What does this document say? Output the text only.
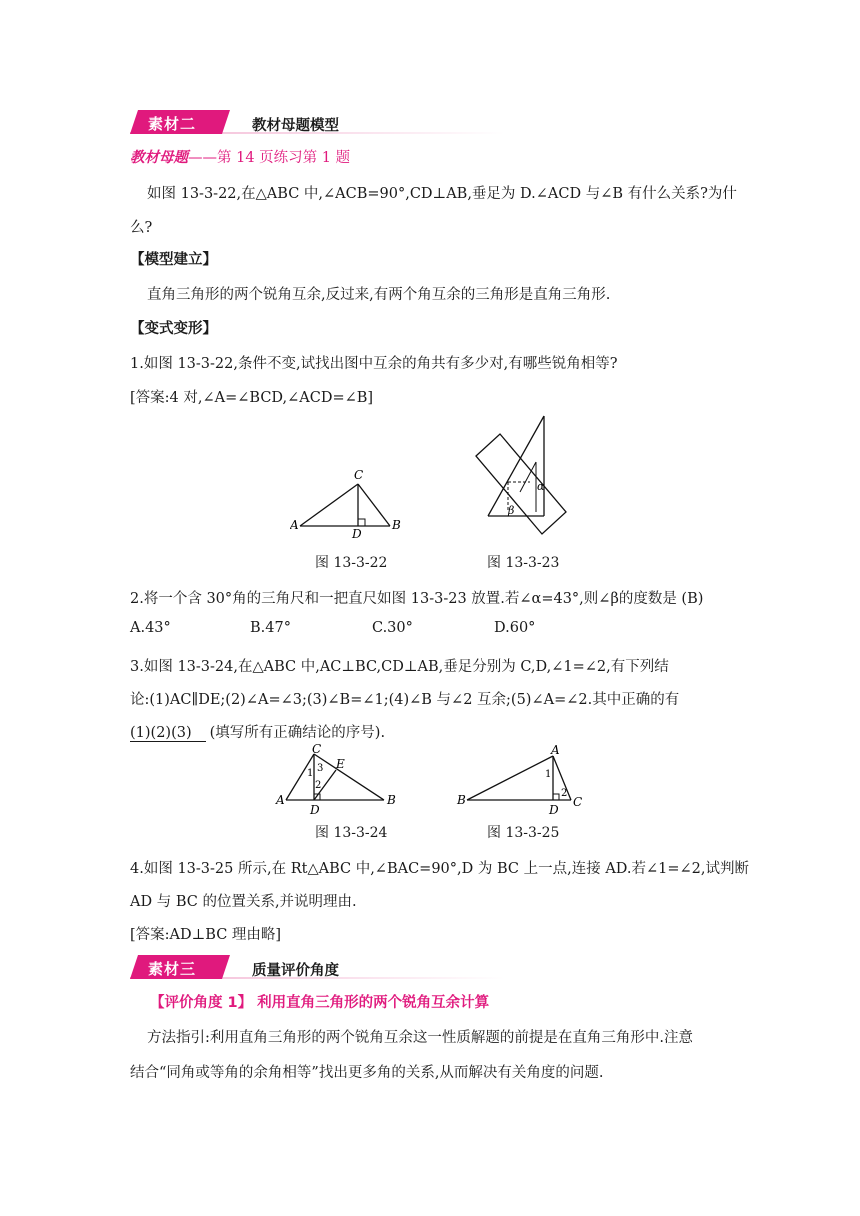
素材二	教材母题模型
教材母题——第 14 页练习第 1 题
如图 13-3-22,在△ABC 中,∠ACB=90°,CD⊥AB,垂足为 D.∠ACD 与∠B 有什么关系?为什
么?
【模型建立】
直角三角形的两个锐角互余,反过来,有两个角互余的三角形是直角三角形.
【变式变形】
1.如图 13-3-22,条件不变,试找出图中互余的角共有多少对,有哪些锐角相等?
[答案:4 对,∠A=∠BCD,∠ACD=∠B]
A	B
C
D
图 13-3-22
α
β
图 13-3-23
2.将一个含 30°角的三角尺和一把直尺如图 13-3-23 放置.若∠α=43°,则∠β的度数是 (B)
A.43°	B.47°	C.30°	D.60°
3.如图 13-3-24,在△ABC 中,AC⊥BC,CD⊥AB,垂足分别为 C,D,∠1=∠2,有下列结
论:(1)AC∥DE;(2)∠A=∠3;(3)∠B=∠1;(4)∠B 与∠2 互余;(5)∠A=∠2.其中正确的有
(1)(2)(3) (填写所有正确结论的序号).
A	B
C
D
E
1
2
3
图 13-3-24
A
B	C
D
1
2
图 13-3-25
4.如图 13-3-25 所示,在 Rt△ABC 中,∠BAC=90°,D 为 BC 上一点,连接 AD.若∠1=∠2,试判断
AD 与 BC 的位置关系,并说明理由.
[答案:AD⊥BC 理由略]
素材三	质量评价角度
【评价角度 1】 利用直角三角形的两个锐角互余计算
方法指引:利用直角三角形的两个锐角互余这一性质解题的前提是在直角三角形中.注意
结合“同角或等角的余角相等”找出更多角的关系,从而解决有关角度的问题.
